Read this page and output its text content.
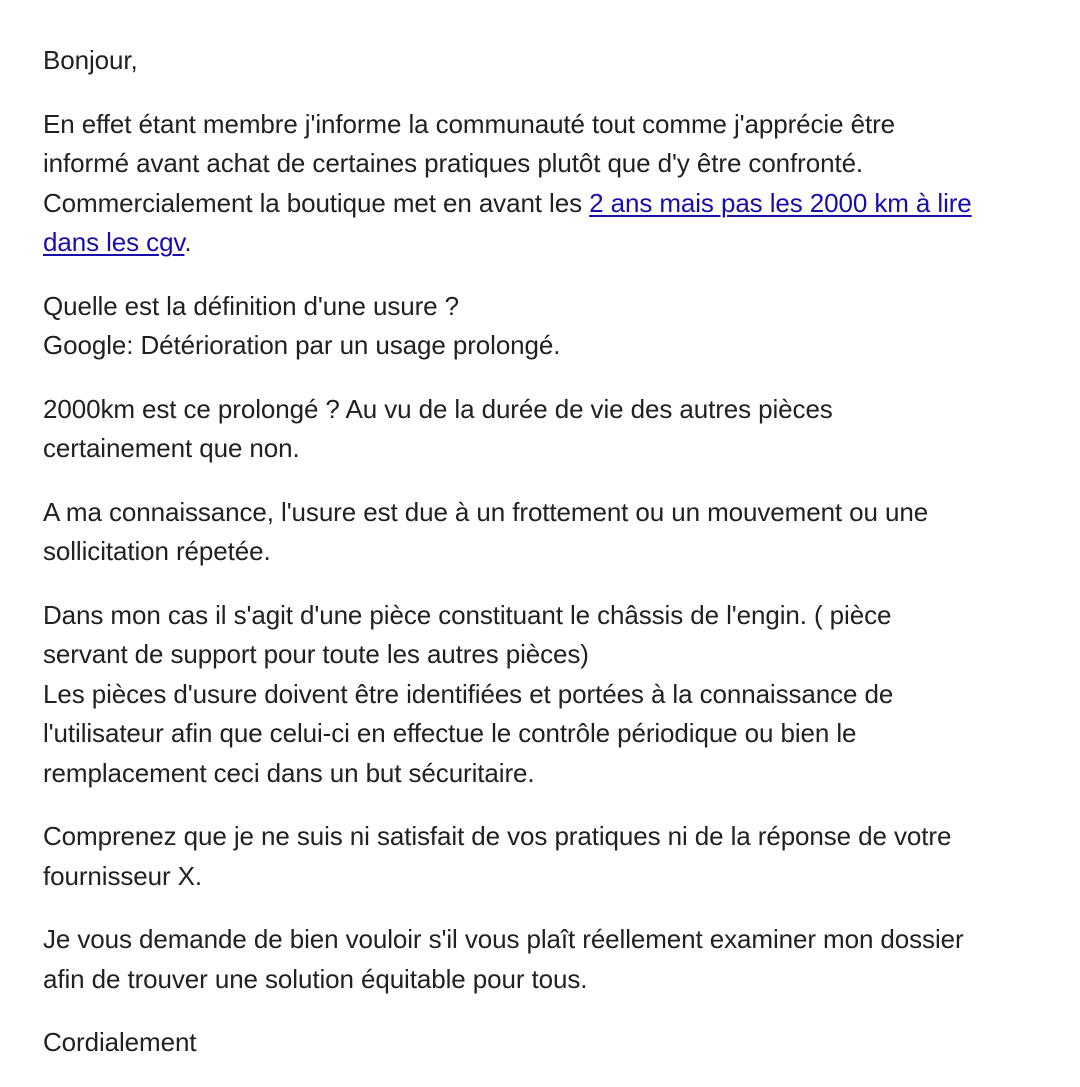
Bonjour,

En effet étant membre j'informe la communauté tout comme j'apprécie être
informé avant achat de certaines pratiques plutôt que d'y être confronté.
Commercialement la boutique met en avant les 2 ans mais pas les 2000 km à lire
dans les cgv.

Quelle est la définition d'une usure ?
Google: Détérioration par un usage prolongé.

2000km est ce prolongé ? Au vu de la durée de vie des autres pièces
certainement que non.

A ma connaissance, l'usure est due à un frottement ou un mouvement ou une
sollicitation répetée.

Dans mon cas il s'agit d'une pièce constituant le châssis de l'engin. ( pièce
servant de support pour toute les autres pièces)
Les pièces d'usure doivent être identifiées et portées à la connaissance de
l'utilisateur afin que celui-ci en effectue le contrôle périodique ou bien le
remplacement ceci dans un but sécuritaire.

Comprenez que je ne suis ni satisfait de vos pratiques ni de la réponse de votre
fournisseur X.

Je vous demande de bien vouloir s'il vous plaît réellement examiner mon dossier
afin de trouver une solution équitable pour tous.

Cordialement
